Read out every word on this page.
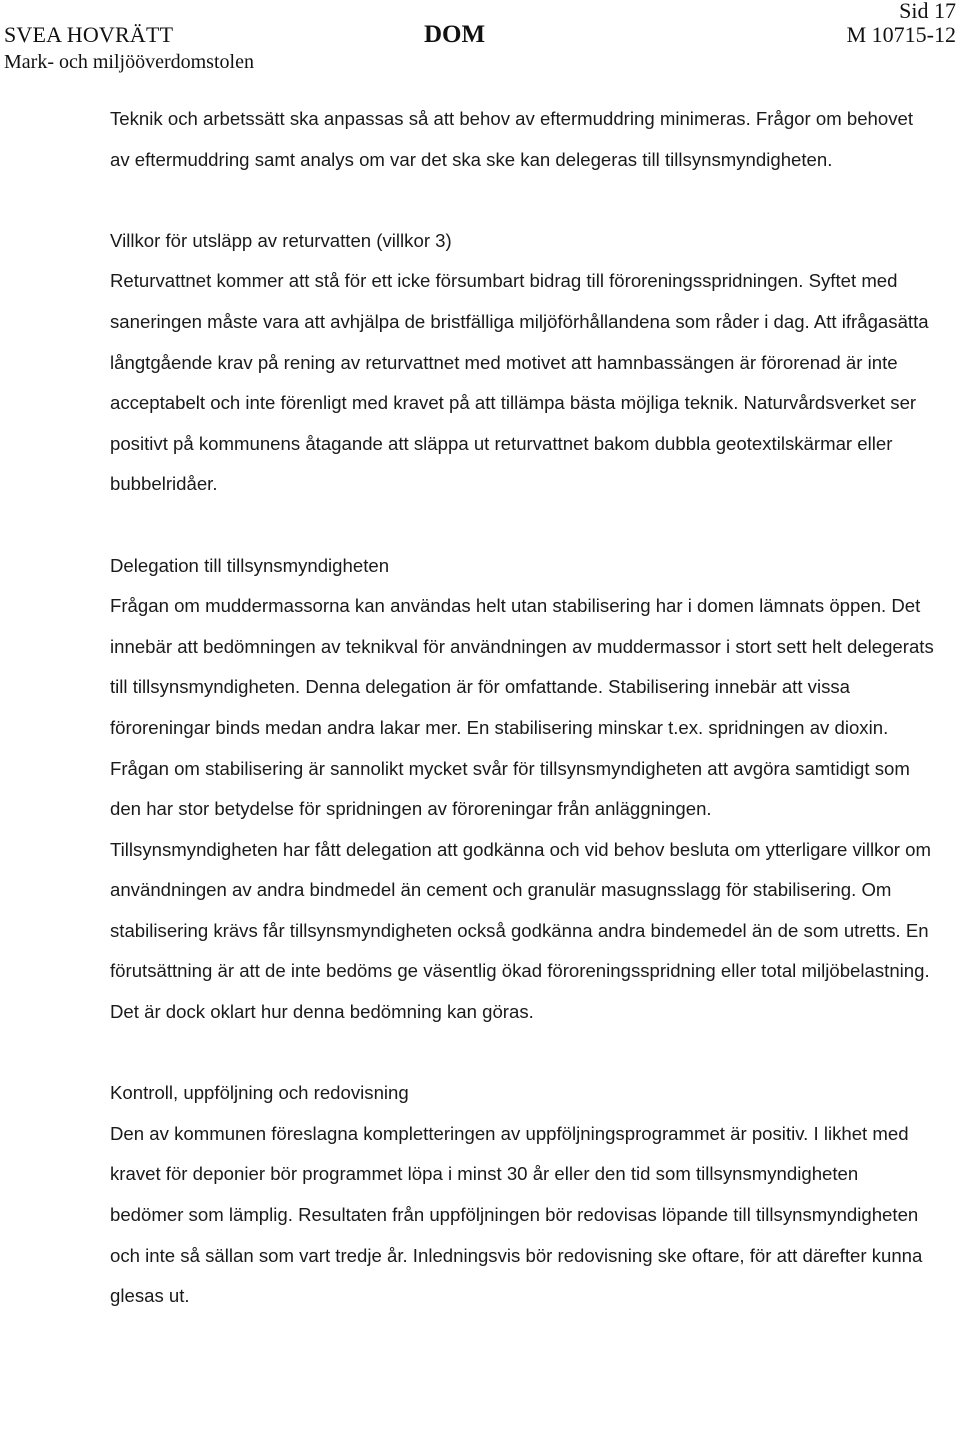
SVEA HOVRÄTT
Mark- och miljööverdomstolen
DOM
Sid 17
M 10715-12

Teknik och arbetssätt ska anpassas så att behov av eftermuddring minimeras. Frågor om behovet av eftermuddring samt analys om var det ska ske kan delegeras till tillsynsmyndigheten.

Villkor för utsläpp av returvatten (villkor 3)

Returvattnet kommer att stå för ett icke försumbart bidrag till föroreningsspridningen. Syftet med saneringen måste vara att avhjälpa de bristfälliga miljöförhållandena som råder i dag. Att ifrågasätta långtgående krav på rening av returvattnet med motivet att hamnbassängen är förorenad är inte acceptabelt och inte förenligt med kravet på att tillämpa bästa möjliga teknik. Naturvårdsverket ser positivt på kommunens åtagande att släppa ut returvattnet bakom dubbla geotextilskärmar eller bubbelridåer.

Delegation till tillsynsmyndigheten

Frågan om muddermassorna kan användas helt utan stabilisering har i domen lämnats öppen. Det innebär att bedömningen av teknikval för användningen av muddermassor i stort sett helt delegerats till tillsynsmyndigheten. Denna delegation är för omfattande. Stabilisering innebär att vissa föroreningar binds medan andra lakar mer. En stabilisering minskar t.ex. spridningen av dioxin. Frågan om stabilisering är sannolikt mycket svår för tillsynsmyndigheten att avgöra samtidigt som den har stor betydelse för spridningen av föroreningar från anläggningen.

Tillsynsmyndigheten har fått delegation att godkänna och vid behov besluta om ytterligare villkor om användningen av andra bindmedel än cement och granulär masugnsslagg för stabilisering. Om stabilisering krävs får tillsynsmyndigheten också godkänna andra bindemedel än de som utretts. En förutsättning är att de inte bedöms ge väsentlig ökad föroreningsspridning eller total miljöbelastning. Det är dock oklart hur denna bedömning kan göras.

Kontroll, uppföljning och redovisning

Den av kommunen föreslagna kompletteringen av uppföljningsprogrammet är positiv. I likhet med kravet för deponier bör programmet löpa i minst 30 år eller den tid som tillsynsmyndigheten bedömer som lämplig. Resultaten från uppföljningen bör redovisas löpande till tillsynsmyndigheten och inte så sällan som vart tredje år. Inledningsvis bör redovisning ske oftare, för att därefter kunna glesas ut.
